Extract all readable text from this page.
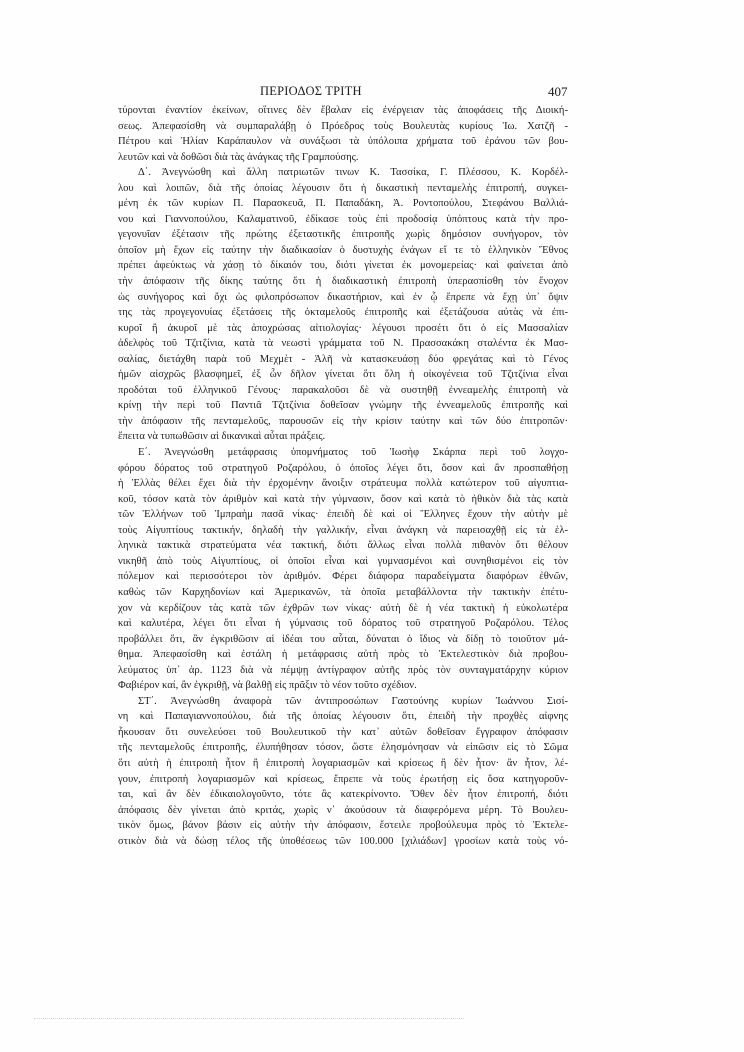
ΠΕΡΙΟΔΟΣ ΤΡΙΤΗ	407
τύρονται ἐναντίον ἐκείνων, οἵτινες δὲν ἔβαλαν εἰς ἐνέργειαν τὰς ἀποφάσεις τῆς Διοική-
σεως. Ἀπεφασίσθη νὰ συμπαραλάβῃ ὁ Πρόεδρος τοὺς Βουλευτὰς κυρίους Ἰω. Χατζῆ -
Πέτρου καὶ Ἠλίαν Καράπαυλον νὰ συνάξωσι τὰ ὑπόλοιπα χρήματα τοῦ ἐράνου τῶν βου-
λευτῶν καὶ νὰ δοθῶσι διὰ τὰς ἀνάγκας τῆς Γραμπούσης.
Δ΄. Ἀνεγνώσθη καὶ ἄλλη πατριωτῶν τινων Κ. Τασσίκα, Γ. Πλέσσου, Κ. Κορδέλ-
λου καὶ λοιπῶν, διὰ τῆς ὁποίας λέγουσιν ὅτι ἡ δικαστικὴ πενταμελὴς ἐπιτροπή, συγκει-
μένη ἐκ τῶν κυρίων Π. Παρασκευᾶ, Π. Παπαδάκη, Ἀ. Ροντοπούλου, Στεφάνου Βαλλιά-
νου καὶ Γιαννοπούλου, Καλαματινοῦ, ἐδίκασε τοὺς ἐπὶ προδοσίᾳ ὑπόπτους κατὰ τὴν προ-
γεγονυῖαν ἐξέτασιν τῆς πρώτης ἐξεταστικῆς ἐπιτροπῆς χωρὶς δημόσιον συνήγορον, τὸν
ὁποῖον μὴ ἔχων εἰς ταύτην τὴν διαδικασίαν ὁ δυστυχὴς ἐνάγων εἴ τε τὸ ἑλληνικὸν Ἔθνος
πρέπει ἀφεύκτως νὰ χάσῃ τὸ δίκαιόν του, διότι γίνεται ἐκ μονομερείας· καὶ φαίνεται ἀπὸ
τὴν ἀπόφασιν τῆς δίκης ταύτης ὅτι ἡ διαδικαστικὴ ἐπιτροπὴ ὑπερασπίσθη τὸν ἔνοχον
ὡς συνήγορος καὶ ὄχι ὡς φιλοπρόσωπον δικαστήριον, καὶ ἐν ᾧ ἔπρεπε νὰ ἔχῃ ὑπ᾽ ὄψιν
της τὰς προγεγονυίας ἐξετάσεις τῆς ὀκταμελοῦς ἐπιτροπῆς καὶ ἐξετάζουσα αὐτὰς νὰ ἐπι-
κυροῖ ἢ ἀκυροῖ μὲ τὰς ἀποχρώσας αἰτιολογίας· λέγουσι προσέτι ὅτι ὁ εἰς Μασσαλίαν
ἀδελφὸς τοῦ Τζιτζίνια, κατὰ τὰ νεωστὶ γράμματα τοῦ Ν. Πρασσακάκη σταλέντα ἐκ Μασ-
σαλίας, διετάχθη παρὰ τοῦ Μεχμὲτ - Ἀλῆ νὰ κατασκευάσῃ δύο φρεγάτας καὶ τὸ Γένος
ἡμῶν αἰσχρῶς βλασφημεῖ, ἐξ ὧν δῆλον γίνεται ὅτι ὅλη ἡ οἰκογένεια τοῦ Τζιτζίνια εἶναι
προδόται τοῦ ἑλληνικοῦ Γένους· παρακαλοῦσι δὲ νὰ συστηθῇ ἐννεαμελὴς ἐπιτροπὴ νὰ
κρίνῃ τὴν περὶ τοῦ Παντιᾶ Τζιτζίνια δοθεῖσαν γνώμην τῆς ἐννεαμελοῦς ἐπιτροπῆς καὶ
τὴν ἀπόφασιν τῆς πενταμελοῦς, παρουσῶν εἰς τὴν κρίσιν ταύτην καὶ τῶν δύο ἐπιτροπῶν·
ἔπειτα νὰ τυπωθῶσιν αἱ δικανικαὶ αὗται πράξεις.
Ε΄. Ἀνεγνώσθη μετάφρασις ὑπομνήματος τοῦ Ἰωσὴφ Σκάρπα περὶ τοῦ λογχο-
φόρου δόρατος τοῦ στρατηγοῦ Ροζαρόλου, ὁ ὁποῖος λέγει ὅτι, ὅσον καὶ ἂν προσπαθήσῃ
ἡ Ἑλλὰς θέλει ἔχει διὰ τὴν ἐρχομένην ἄνοιξιν στράτευμα πολλὰ κατώτερον τοῦ αἰγυπτια-
κοῦ, τόσον κατὰ τὸν ἀριθμὸν καὶ κατὰ τὴν γύμνασιν, ὅσον καὶ κατὰ τὸ ἠθικὸν διὰ τὰς κατὰ
τῶν Ἑλλήνων τοῦ Ἰμπραὴμ πασᾶ νίκας· ἐπειδὴ δὲ καὶ οἱ Ἕλληνες ἔχουν τὴν αὐτὴν μὲ
τοὺς Αἰγυπτίους τακτικήν, δηλαδὴ τὴν γαλλικήν, εἶναι ἀνάγκη νὰ παρεισαχθῇ εἰς τὰ ἑλ-
ληνικὰ τακτικὰ στρατεύματα νέα τακτική, διότι ἄλλως εἶναι πολλὰ πιθανὸν ὅτι θέλουν
νικηθῆ ἀπὸ τοὺς Αἰγυπτίους, οἱ ὁποῖοι εἶναι καὶ γυμνασμένοι καὶ συνηθισμένοι εἰς τὸν
πόλεμον καὶ περισσότεροι τὸν ἀριθμόν. Φέρει διάφορα παραδείγματα διαφόρων ἐθνῶν,
καθὼς τῶν Καρχηδονίων καὶ Ἀμερικανῶν, τὰ ὁποῖα μεταβάλλοντα τὴν τακτικὴν ἐπέτυ-
χον νὰ κερδίζουν τὰς κατὰ τῶν ἐχθρῶν των νίκας· αὐτὴ δὲ ἡ νέα τακτικὴ ἡ εὐκολωτέρα
καὶ καλυτέρα, λέγει ὅτι εἶναι ἡ γύμνασις τοῦ δόρατος τοῦ στρατηγοῦ Ροζαρόλου. Τέλος
προβάλλει ὅτι, ἂν ἐγκριθῶσιν αἱ ἰδέαι του αὗται, δύναται ὁ ἴδιος νὰ δίδῃ τὸ τοιοῦτον μά-
θημα. Ἀπεφασίσθη καὶ ἐστάλη ἡ μετάφρασις αὐτὴ πρὸς τὸ Ἐκτελεστικὸν διὰ προβου-
λεύματος ὑπ᾽ ἀρ. 1123 διὰ νὰ πέμψῃ ἀντίγραφον αὐτῆς πρὸς τὸν συνταγματάρχην κύριον
Φαβιέρον καί, ἂν ἐγκριθῇ, νὰ βαλθῇ εἰς πρᾶξιν τὸ νέον τοῦτο σχέδιον.
ΣΤ΄. Ἀνεγνώσθη ἀναφορὰ τῶν ἀντιπροσώπων Γαστούνης κυρίων Ἰωάννου Σισί-
νη καὶ Παπαγιαννοπούλου, διὰ τῆς ὁποίας λέγουσιν ὅτι, ἐπειδὴ τὴν προχθὲς αἰφνης
ἦκουσαν ὅτι συνελεύσει τοῦ Βουλευτικοῦ τὴν κατ᾽ αὐτῶν δοθεῖσαν ἔγγραφον ἀπόφασιν
τῆς πενταμελοῦς ἐπιτροπῆς, ἐλυπήθησαν τόσον, ὥστε ἐλησμόνησαν νὰ εἰπῶσιν εἰς τὸ Σῶμα
ὅτι αὐτὴ ἡ ἐπιτροπὴ ἦτον ἢ ἐπιτροπὴ λογαριασμῶν καὶ κρίσεως ἢ δὲν ἦτον· ἂν ἦτον, λέ-
γουν, ἐπιτροπὴ λογαριασμῶν καὶ κρίσεως, ἔπρεπε νὰ τοὺς ἐρωτήσῃ εἰς ὅσα κατηγοροῦν-
ται, καὶ ἂν δὲν ἐδικαιολογοῦντο, τότε ἂς κατεκρίνοντο. Ὅθεν δὲν ἦτον ἐπιτροπή, διότι
ἀπόφασις δὲν γίνεται ἀπὸ κριτάς, χωρὶς ν᾽ ἀκούσουν τὰ διαφερόμενα μέρη. Τὸ Βουλευ-
τικὸν ὅμως, βάνον βάσιν εἰς αὐτὴν τὴν ἀπόφασιν, ἔστειλε προβούλευμα πρὸς τὸ Ἐκτελε-
στικὸν διὰ νὰ δώσῃ τέλος τῆς ὑποθέσεως τῶν 100.000 [χιλιάδων] γροσίων κατὰ τοὺς νό-
